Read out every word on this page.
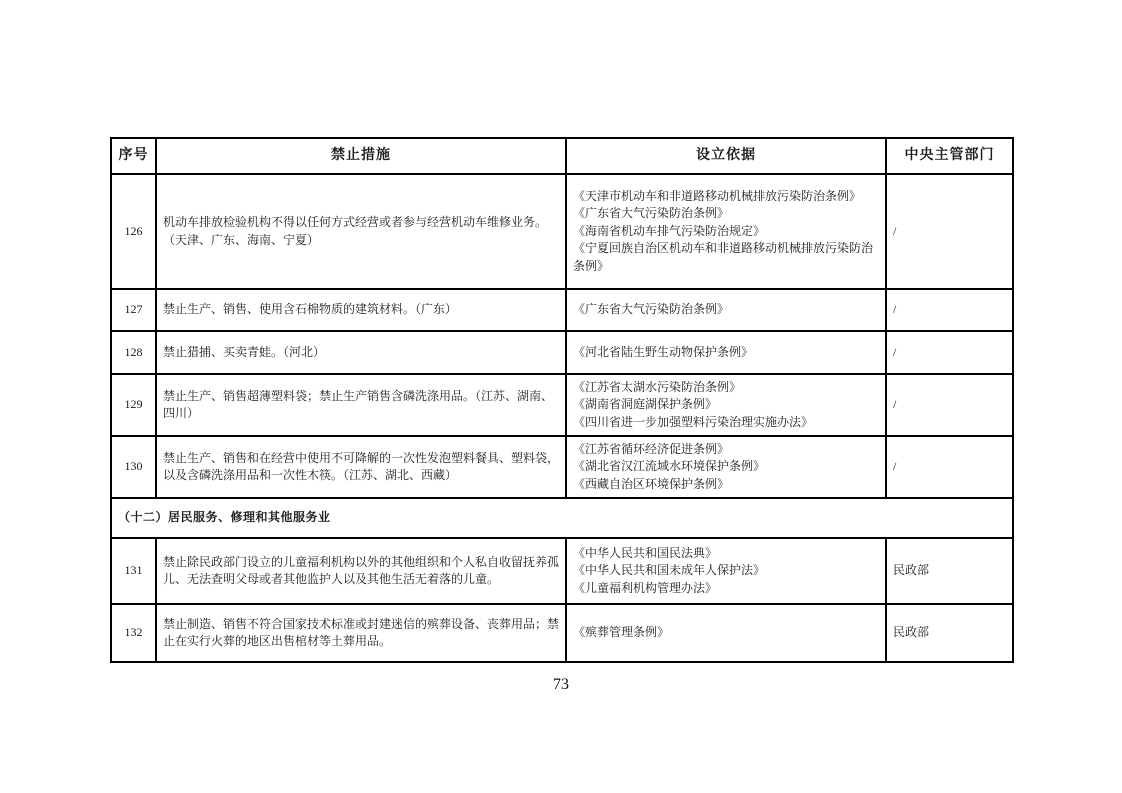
序号	禁止措施	设立依据	中央主管部门
126	机动车排放检验机构不得以任何方式经营或者参与经营机动车维修业务。（天津、广东、海南、宁夏）	《天津市机动车和非道路移动机械排放污染防治条例》
《广东省大气污染防治条例》
《海南省机动车排气污染防治规定》
《宁夏回族自治区机动车和非道路移动机械排放污染防治条例》	/
127	禁止生产、销售、使用含石棉物质的建筑材料。（广东）	《广东省大气污染防治条例》	/
128	禁止猎捕、买卖青蛙。（河北）	《河北省陆生野生动物保护条例》	/
129	禁止生产、销售超薄塑料袋；禁止生产销售含磷洗涤用品。（江苏、湖南、四川）	《江苏省太湖水污染防治条例》
《湖南省洞庭湖保护条例》
《四川省进一步加强塑料污染治理实施办法》	/
130	禁止生产、销售和在经营中使用不可降解的一次性发泡塑料餐具、塑料袋，以及含磷洗涤用品和一次性木筷。（江苏、湖北、西藏）	《江苏省循环经济促进条例》
《湖北省汉江流域水环境保护条例》
《西藏自治区环境保护条例》	/
（十二）居民服务、修理和其他服务业			
131	禁止除民政部门设立的儿童福利机构以外的其他组织和个人私自收留抚养孤儿、无法查明父母或者其他监护人以及其他生活无着落的儿童。	《中华人民共和国民法典》
《中华人民共和国未成年人保护法》
《儿童福利机构管理办法》	民政部
132	禁止制造、销售不符合国家技术标准或封建迷信的殡葬设备、丧葬用品；禁止在实行火葬的地区出售棺材等土葬用品。	《殡葬管理条例》	民政部
73
